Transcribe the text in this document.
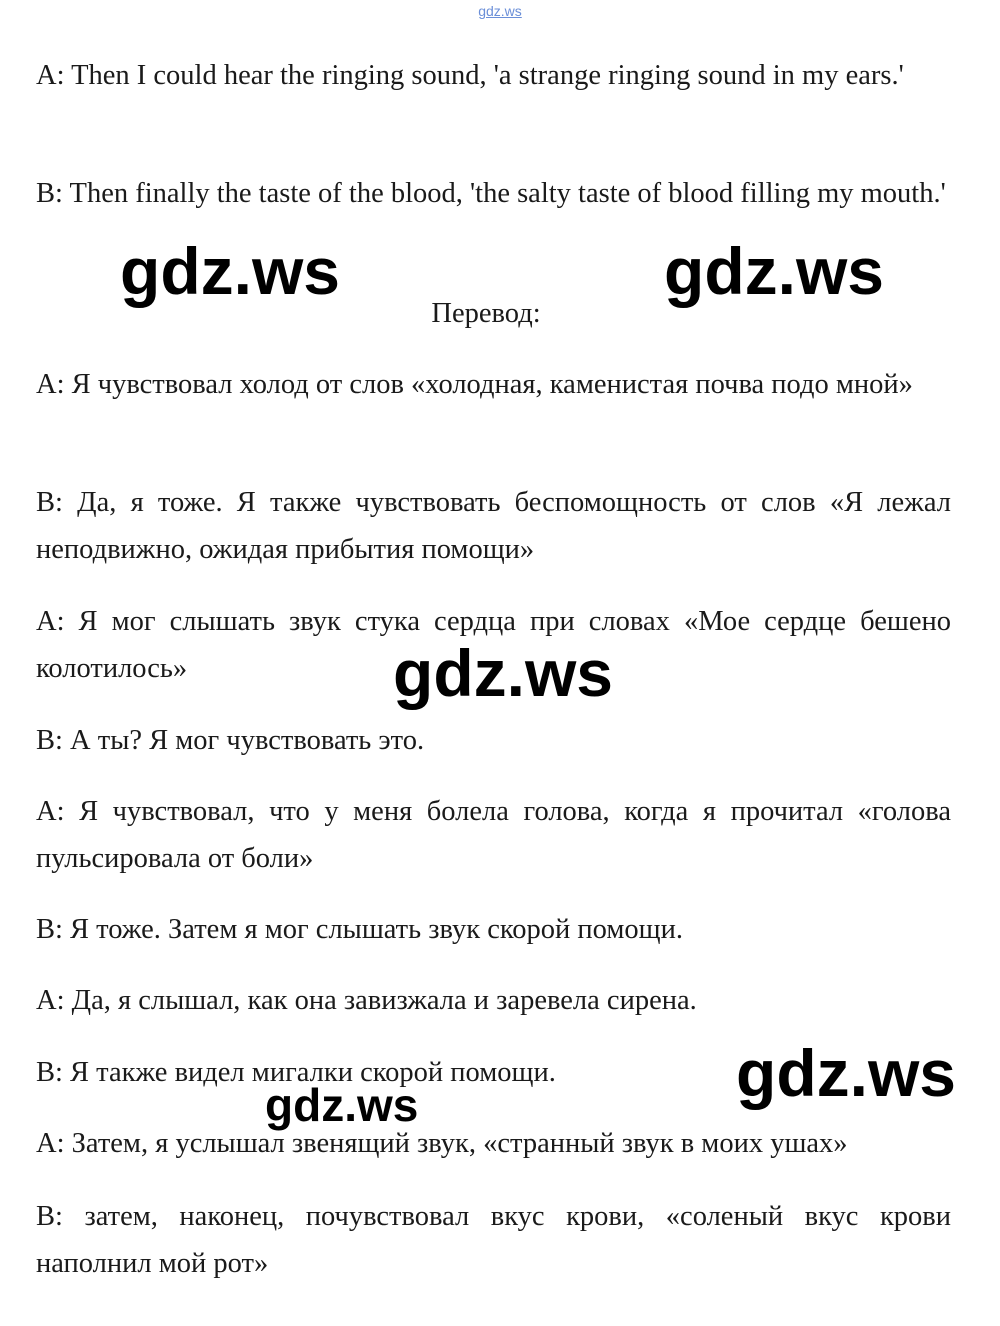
gdz.ws
A: Then I could hear the ringing sound, 'a strange ringing sound in my ears.'
B: Then finally the taste of the blood, 'the salty taste of blood filling my mouth.'
Перевод:
A: Я чувствовал холод от слов «холодная, каменистая почва подо мной»
B: Да, я тоже. Я также чувствовать беспомощность от слов «Я лежал неподвижно, ожидая прибытия помощи»
A: Я мог слышать звук стука сердца при словах «Мое сердце бешено колотилось»
B: А ты? Я мог чувствовать это.
A: Я чувствовал, что у меня болела голова, когда я прочитал «голова пульсировала от боли»
B: Я тоже. Затем я мог слышать звук скорой помощи.
A: Да, я слышал, как она завизжала и заревела сирена.
B: Я также видел мигалки скорой помощи.
A: Затем, я услышал звенящий звук, «странный звук в моих ушах»
B: затем, наконец, почувствовал вкус крови, «соленый вкус крови наполнил мой рот»
gdz.ws	gdz.ws
gdz.ws
gdz.ws
gdz.ws
